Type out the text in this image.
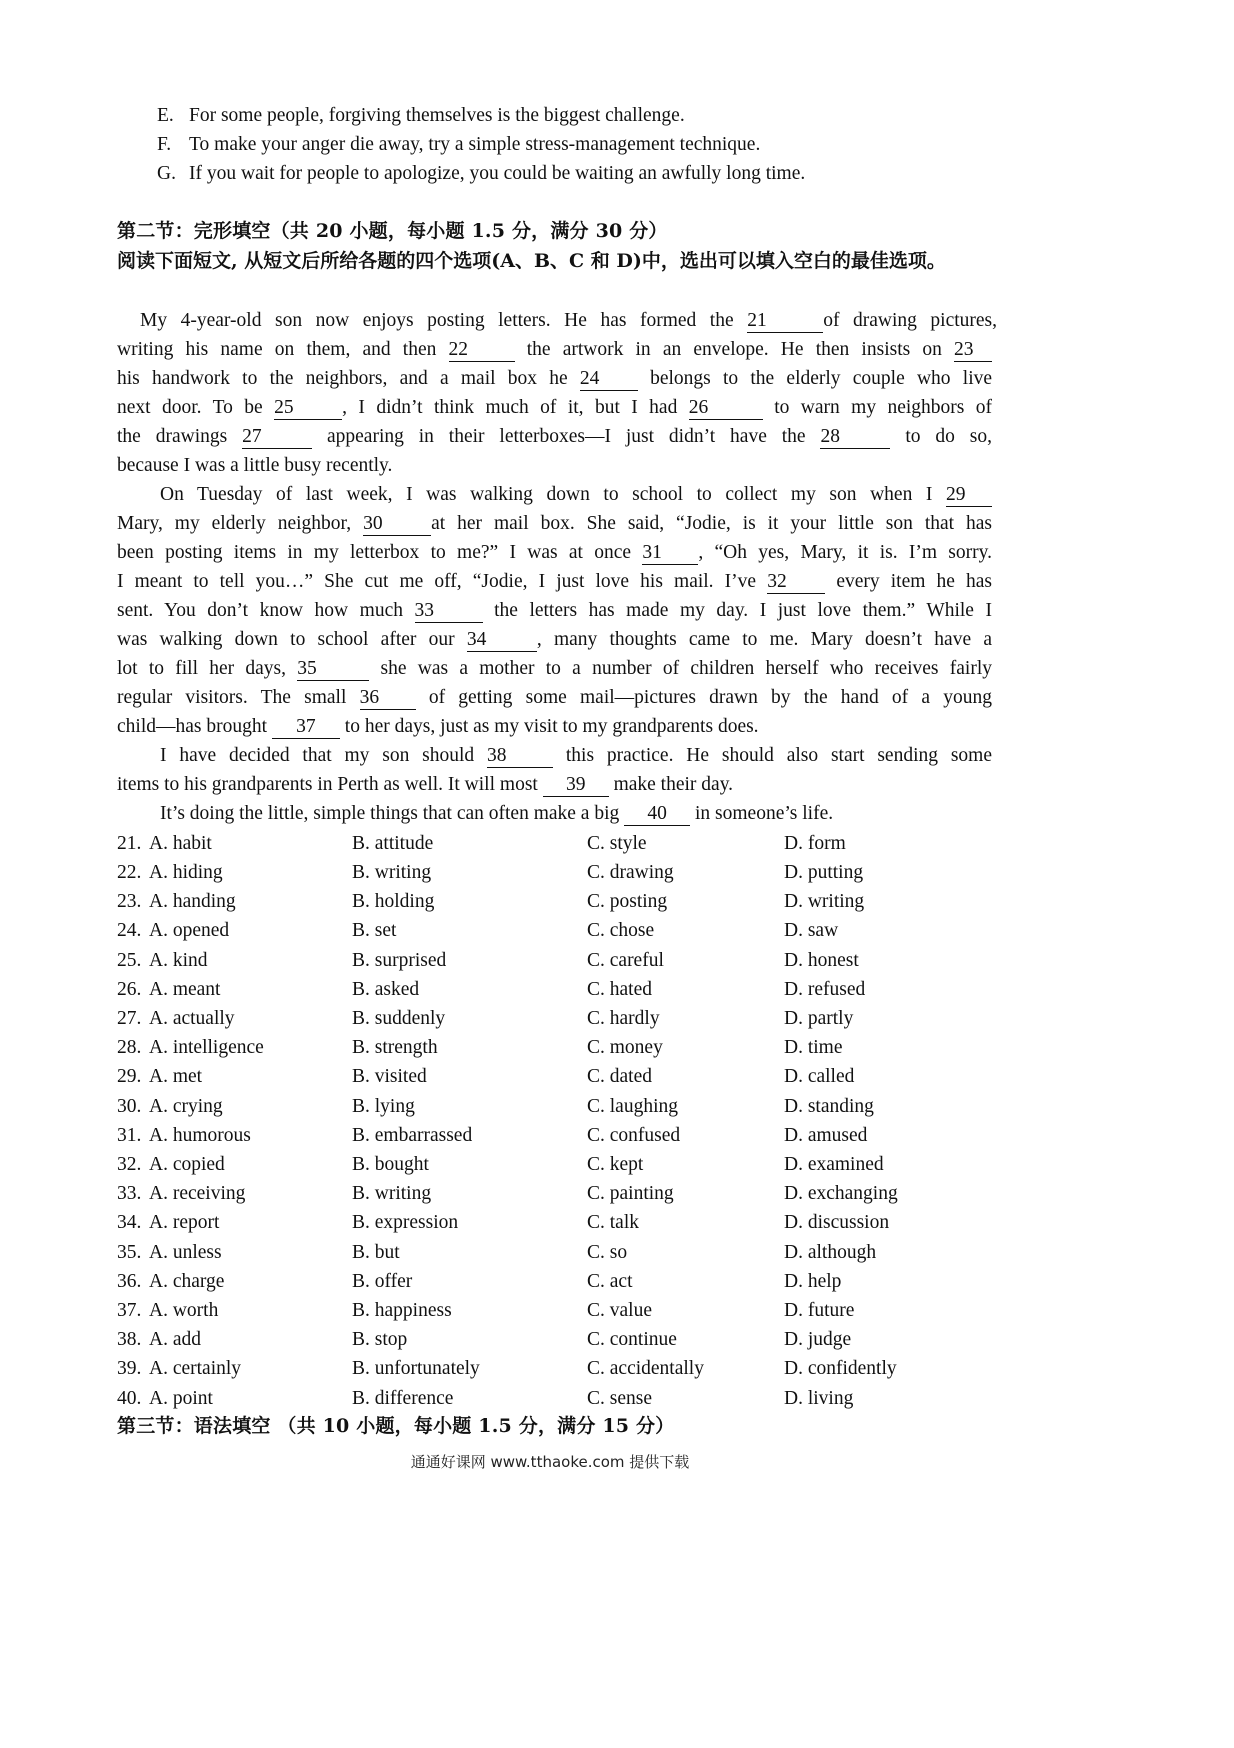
E. For some people, forgiving themselves is the biggest challenge.
F. To make your anger die away, try a simple stress-management technique.
G. If you wait for people to apologize, you could be waiting an awfully long time.
第二节：完形填空（共 20 小题，每小题 1.5 分，满分 30 分）
阅读下面短文, 从短文后所给各题的四个选项(A、B、C 和 D)中，选出可以填入空白的最佳选项。
My 4-year-old son now enjoys posting letters. He has formed the 21	of drawing pictures,
writing his name on them, and then 22	the artwork in an envelope. He then insists on 23
his handwork to the neighbors, and a mail box he 24	belongs to the elderly couple who live
next door. To be 25 , I didn’t think much of it, but I had 26	to warn my neighbors of
the drawings 27	appearing in their letterboxes—I just didn’t have the 28	to do so,
because I was a little busy recently.
On Tuesday of last week, I was walking down to school to collect my son when I 29
Mary, my elderly neighbor, 30 at her mail box. She said, “Jodie, is it your little son that has
been posting items in my letterbox to me?” I was at once 31 , “Oh yes, Mary, it is. I’m sorry.
I meant to tell you…” She cut me off, “Jodie, I just love his mail. I’ve 32	every item he has
sent. You don’t know how much 33	the letters has made my day. I just love them.” While I
was walking down to school after our 34	, many thoughts came to me. Mary doesn’t have a
lot to fill her days, 35	she was a mother to a number of children herself who receives fairly
regular visitors. The small 36	of getting some mail—pictures drawn by the hand of a young
child—has brought 37 to her days, just as my visit to my grandparents does.
I have decided that my son should 38	this practice. He should also start sending some
items to his grandparents in Perth as well. It will most 39 make their day.
It’s doing the little, simple things that can often make a big 40 in someone’s life.
21. A. habit	B. attitude	C. style	D. form
22. A. hiding	B. writing	C. drawing	D. putting
23. A. handing	B. holding	C. posting	D. writing
24. A. opened	B. set	C. chose	D. saw
25. A. kind	B. surprised	C. careful	D. honest
26. A. meant	B. asked	C. hated	D. refused
27. A. actually	B. suddenly	C. hardly	D. partly
28. A. intelligence	B. strength	C. money	D. time
29. A. met	B. visited	C. dated	D. called
30. A. crying	B. lying	C. laughing	D. standing
31. A. humorous	B. embarrassed	C. confused	D. amused
32. A. copied	B. bought	C. kept	D. examined
33. A. receiving	B. writing	C. painting	D. exchanging
34. A. report	B. expression	C. talk	D. discussion
35. A. unless	B. but	C. so	D. although
36. A. charge	B. offer	C. act	D. help
37. A. worth	B. happiness	C. value	D. future
38. A. add	B. stop	C. continue	D. judge
39. A. certainly	B. unfortunately	C. accidentally	D. confidently
40. A. point	B. difference	C. sense	D. living
第三节：语法填空 （共 10 小题，每小题 1.5 分，满分 15 分）
通通好课网 www.tthaoke.com 提供下载
